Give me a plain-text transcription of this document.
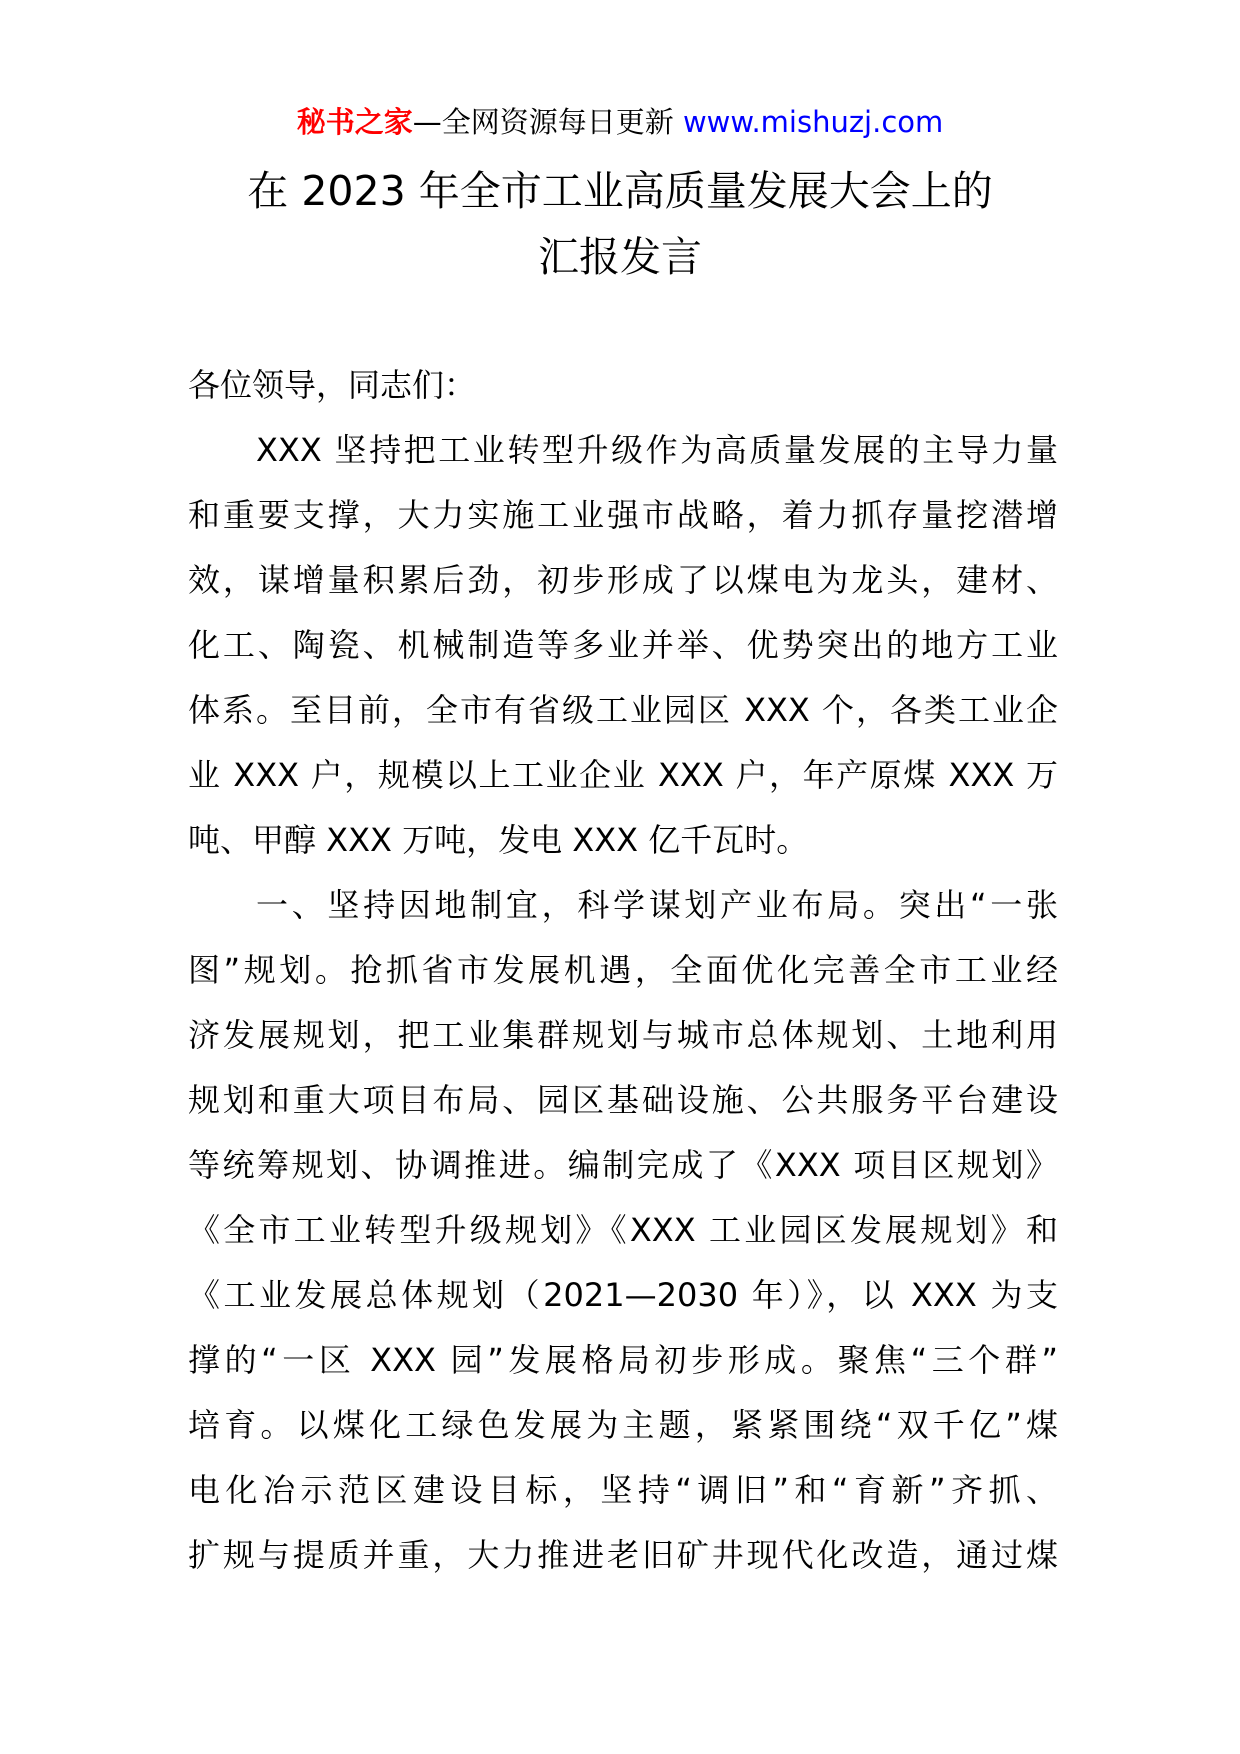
秘书之家—全网资源每日更新 www.mishuzj.com
在 2023 年全市工业高质量发展大会上的
汇报发言
各位领导，同志们：
XXX 坚持把工业转型升级作为高质量发展的主导力量
和重要支撑，大力实施工业强市战略，着力抓存量挖潜增
效，谋增量积累后劲，初步形成了以煤电为龙头，建材、
化工、陶瓷、机械制造等多业并举、优势突出的地方工业
体系。至目前，全市有省级工业园区 XXX 个，各类工业企
业 XXX 户，规模以上工业企业 XXX 户，年产原煤 XXX 万
吨、甲醇 XXX 万吨，发电 XXX 亿千瓦时。
一、坚持因地制宜，科学谋划产业布局。突出“一张
图”规划。抢抓省市发展机遇，全面优化完善全市工业经
济发展规划，把工业集群规划与城市总体规划、土地利用
规划和重大项目布局、园区基础设施、公共服务平台建设
等统筹规划、协调推进。编制完成了《XXX 项目区规划》
《全市工业转型升级规划》《XXX 工业园区发展规划》和
《工业发展总体规划（2021—2030 年）》，以 XXX 为支
撑的“一区 XXX 园”发展格局初步形成。聚焦“三个群”
培育。以煤化工绿色发展为主题，紧紧围绕“双千亿”煤
电化冶示范区建设目标，坚持“调旧”和“育新”齐抓、
扩规与提质并重，大力推进老旧矿井现代化改造，通过煤
